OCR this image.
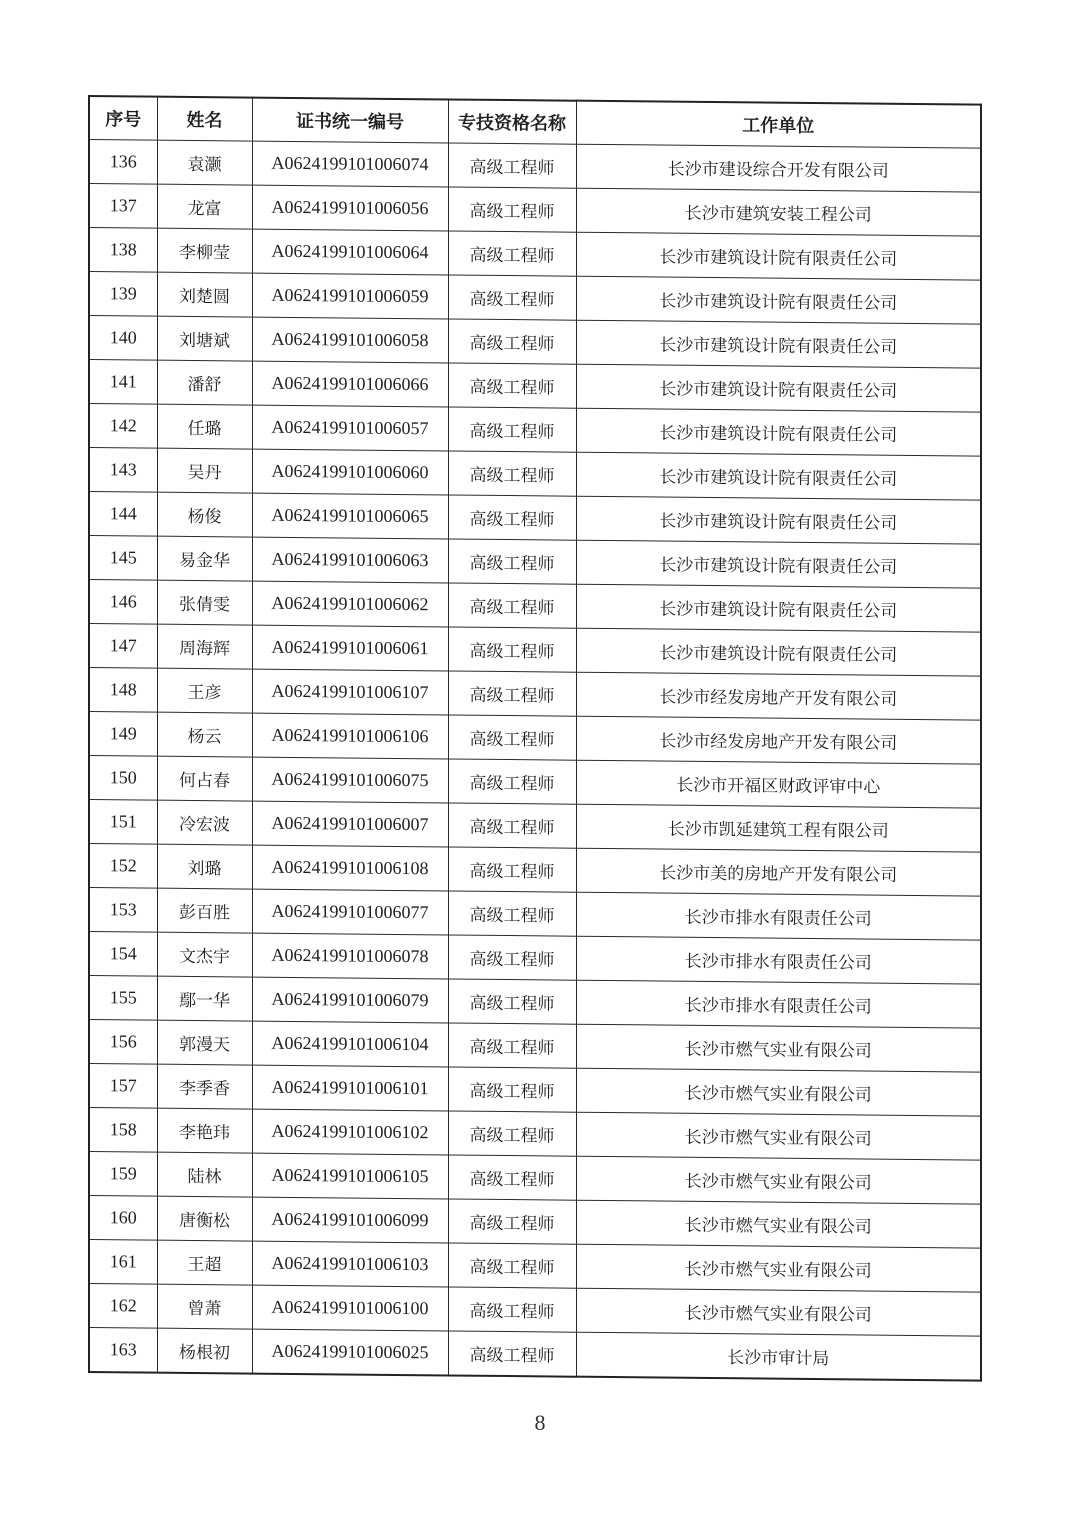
序号	姓名	证书统一编号	专技资格名称	工作单位
136	袁灏	A0624199101006074	高级工程师	长沙市建设综合开发有限公司
137	龙富	A0624199101006056	高级工程师	长沙市建筑安装工程公司
138	李柳莹	A0624199101006064	高级工程师	长沙市建筑设计院有限责任公司
139	刘楚圆	A0624199101006059	高级工程师	长沙市建筑设计院有限责任公司
140	刘塘斌	A0624199101006058	高级工程师	长沙市建筑设计院有限责任公司
141	潘舒	A0624199101006066	高级工程师	长沙市建筑设计院有限责任公司
142	任璐	A0624199101006057	高级工程师	长沙市建筑设计院有限责任公司
143	吴丹	A0624199101006060	高级工程师	长沙市建筑设计院有限责任公司
144	杨俊	A0624199101006065	高级工程师	长沙市建筑设计院有限责任公司
145	易金华	A0624199101006063	高级工程师	长沙市建筑设计院有限责任公司
146	张倩雯	A0624199101006062	高级工程师	长沙市建筑设计院有限责任公司
147	周海辉	A0624199101006061	高级工程师	长沙市建筑设计院有限责任公司
148	王彦	A0624199101006107	高级工程师	长沙市经发房地产开发有限公司
149	杨云	A0624199101006106	高级工程师	长沙市经发房地产开发有限公司
150	何占春	A0624199101006075	高级工程师	长沙市开福区财政评审中心
151	冷宏波	A0624199101006007	高级工程师	长沙市凯延建筑工程有限公司
152	刘璐	A0624199101006108	高级工程师	长沙市美的房地产开发有限公司
153	彭百胜	A0624199101006077	高级工程师	长沙市排水有限责任公司
154	文杰宇	A0624199101006078	高级工程师	长沙市排水有限责任公司
155	鄢一华	A0624199101006079	高级工程师	长沙市排水有限责任公司
156	郭漫天	A0624199101006104	高级工程师	长沙市燃气实业有限公司
157	李季香	A0624199101006101	高级工程师	长沙市燃气实业有限公司
158	李艳玮	A0624199101006102	高级工程师	长沙市燃气实业有限公司
159	陆林	A0624199101006105	高级工程师	长沙市燃气实业有限公司
160	唐衡松	A0624199101006099	高级工程师	长沙市燃气实业有限公司
161	王超	A0624199101006103	高级工程师	长沙市燃气实业有限公司
162	曾萧	A0624199101006100	高级工程师	长沙市燃气实业有限公司
163	杨根初	A0624199101006025	高级工程师	长沙市审计局
8
